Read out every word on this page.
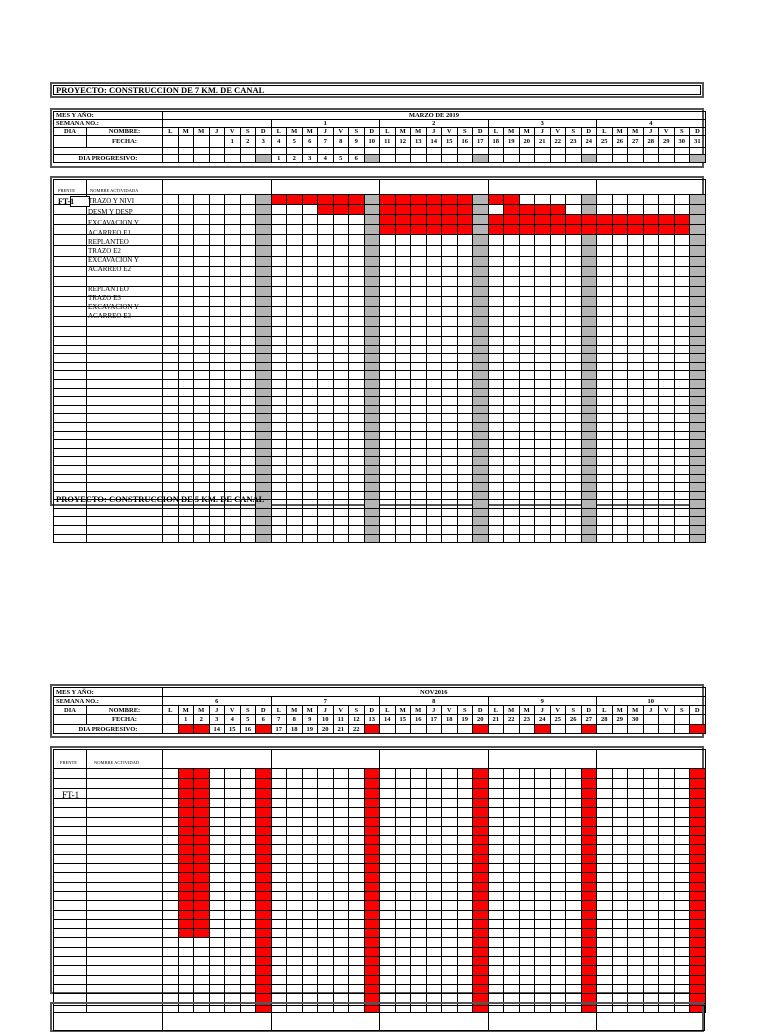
PROYECTO: CONSTRUCCION DE 7 KM. DE CANAL
MES Y AÑO:		MARZO DE 2019																																		
SEMANA NO.:									1							2							3							4						
DIA	NOMBRE:	L	M	M	J	V	S	D	L	M	M	J	V	S	D	L	M	M	J	V	S	D	L	M	M	J	V	S	D	L	M	M	J	V	S	D
	FECHA:					1	2	3	4	5	6	7	8	9	10	11	12	13	14	15	16	17	18	19	20	21	22	23	24	25	26	27	28	29	30	31

DIA PROGRESIVO:									1	2	3	4	5	6																						

FRENTE	NOMBRE ACTIVIDADA
FT-1 TRAZO Y NIVI
DESM Y DESP
EXCAVACION Y
ACARREO E1
REPLANTEO
TRAZO E2
EXCAVACION Y
ACARREO E2
REPLANTEO
TRAZO E3
EXCAVACION Y
ACARREO E3
PROYECTO: CONSTRUCCION DE 5 KM. DE CANAL
MES Y AÑO:		NOV2016																																		
SEMANA NO.:		6							7							8							9							10						
DIA	NOMBRE:	L	M	M	J	V	S	D	L	M	M	J	V	S	D	L	M	M	J	V	S	D	L	M	M	J	V	S	D	L	M	M	J	V	S	D
	FECHA:		1	2	3	4	5	6	7	8	9	10	11	12	13	14	15	16	17	18	19	20	21	22	23	24	25	26	27	28	29	30				
DIA PROGRESIVO:					14	15	16		17	18	19	20	21	22																						

FRENTE	NOMBRE ACTIVIDAD
FT-1
